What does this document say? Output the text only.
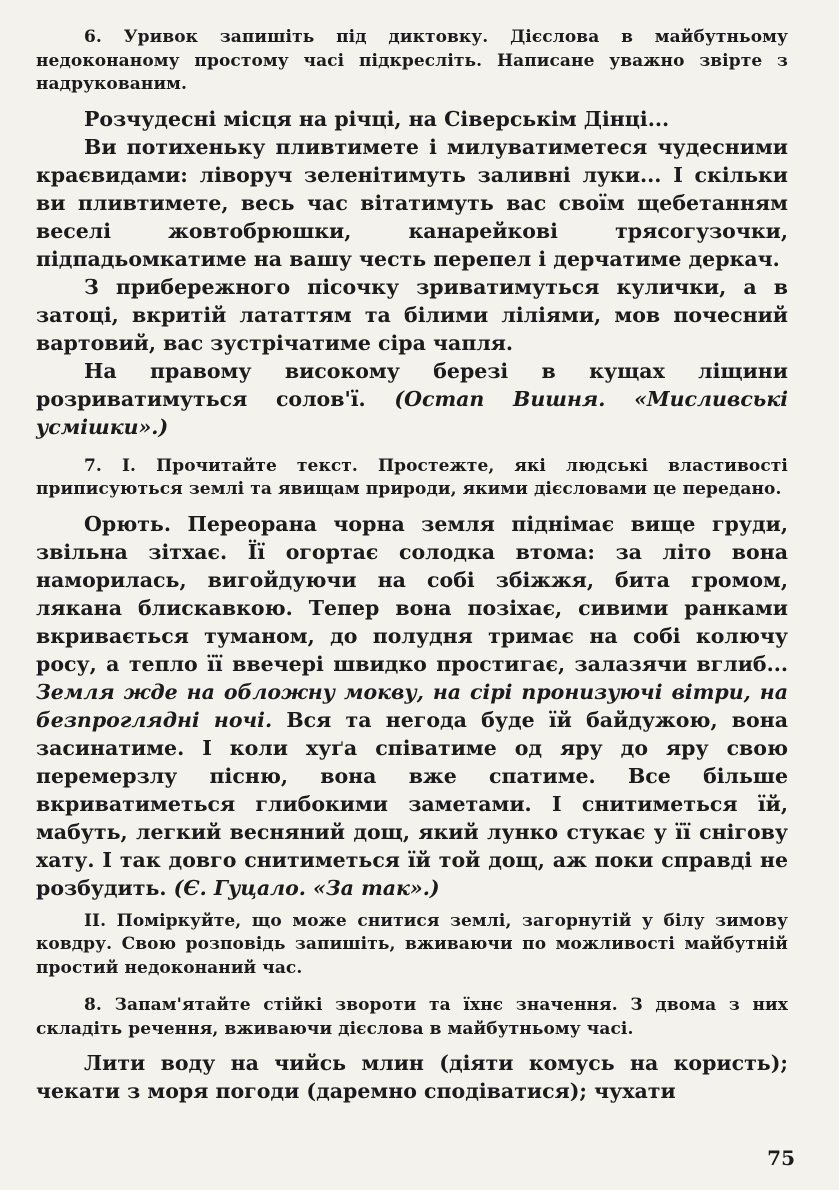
6. Уривок запишіть під диктовку. Дієслова в майбутньому недоконаному простому часі підкресліть. Написане уважно звірте з надрукованим.

Розчудесні місця на річці, на Сіверськім Дінці...

Ви потихеньку пливтимете і милуватиметеся чудесними краєвидами: ліворуч зеленітимуть заливні луки... І скільки ви пливтимете, весь час вітатимуть вас своїм щебетанням веселі жовтобрюшки, канарейкові трясогузочки, підпадьомкатиме на вашу честь перепел і дерчатиме деркач.

З прибережного пісочку зриватимуться кулички, а в затоці, вкритій лататтям та білими ліліями, мов почесний вартовий, вас зустрічатиме сіра чапля.

На правому високому березі в кущах ліщини розриватимуться солов'ї. (Остап Вишня. «Мисливські усмішки».)

7. І. Прочитайте текст. Простежте, які людські властивості приписуються землі та явищам природи, якими дієсловами це передано.

Орють. Переорана чорна земля піднімає вище груди, звільна зітхає. Її огортає солодка втома: за літо вона наморилась, вигойдуючи на собі збіжжя, бита громом, лякана блискавкою. Тепер вона позіхає, сивими ранками вкривається туманом, до полудня тримає на собі колючу росу, а тепло її ввечері швидко простигає, залазячи вглиб... Земля жде на обложну мокву, на сірі пронизуючі вітри, на безпроглядні ночі. Вся та негода буде їй байдужою, вона засинатиме. І коли хуґа співатиме од яру до яру свою перемерзлу пісню, вона вже спатиме. Все більше вкриватиметься глибокими заметами. І снитиметься їй, мабуть, легкий весняний дощ, який лунко стукає у її снігову хату. І так довго снитиметься їй той дощ, аж поки справді не розбудить. (Є. Гуцало. «За так».)

ІІ. Поміркуйте, що може снитися землі, загорнутій у білу зимову ковдру. Свою розповідь запишіть, вживаючи по можливості майбутній простий недоконаний час.

8. Запам'ятайте стійкі звороти та їхнє значення. З двома з них складіть речення, вживаючи дієслова в майбутньому часі.

Лити воду на чийсь млин (діяти комусь на користь); чекати з моря погоди (даремно сподіватися); чухати

75
